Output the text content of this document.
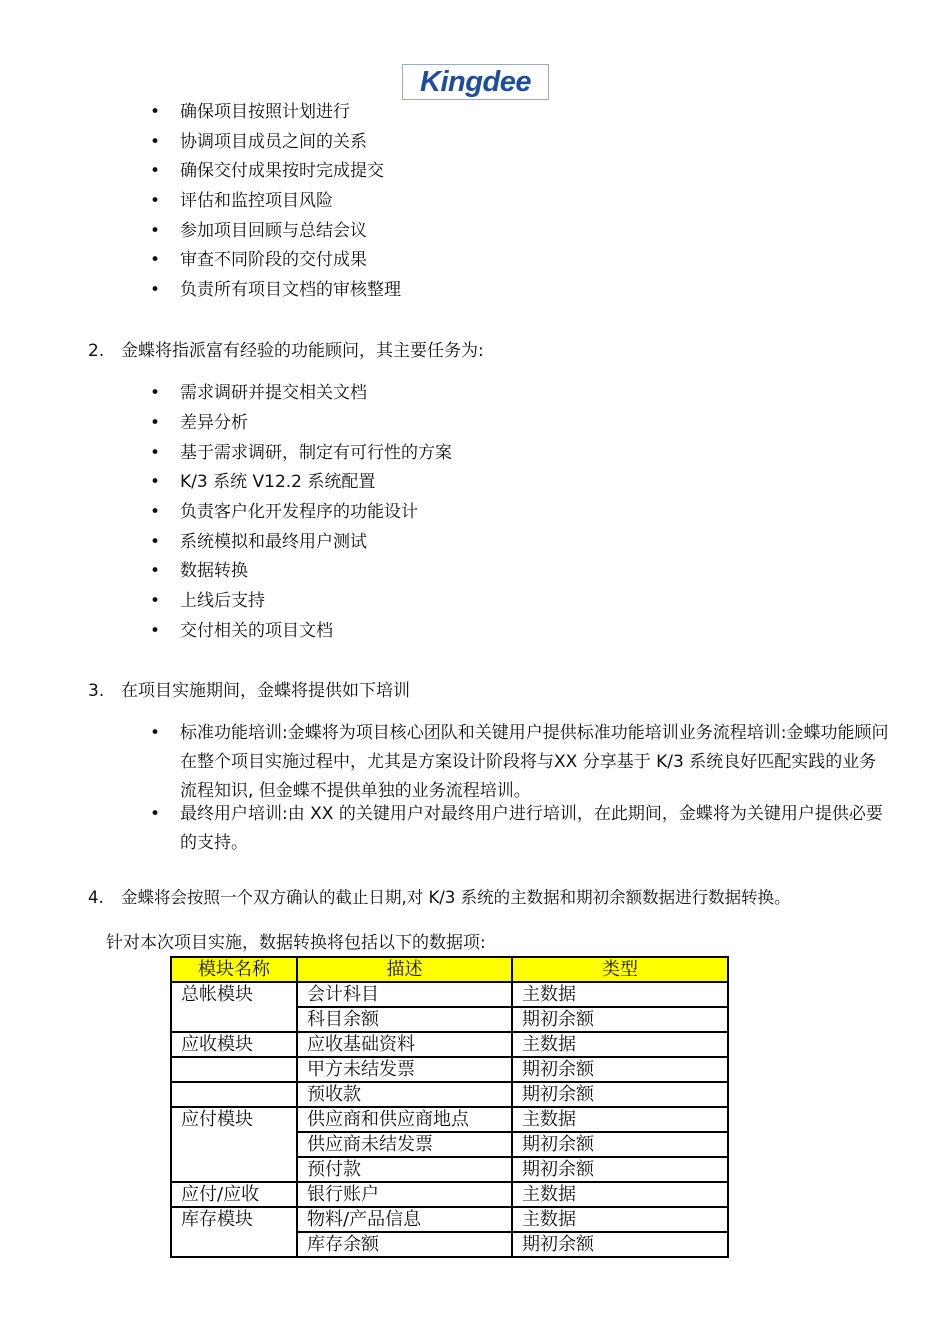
Kingdee
• 确保项目按照计划进行
• 协调项目成员之间的关系
• 确保交付成果按时完成提交
• 评估和监控项目风险
• 参加项目回顾与总结会议
• 审查不同阶段的交付成果
• 负责所有项目文档的审核整理
2. 金蝶将指派富有经验的功能顾问，其主要任务为:
• 需求调研并提交相关文档
• 差异分析
• 基于需求调研，制定有可行性的方案
• K/3 系统 V12.2 系统配置
• 负责客户化开发程序的功能设计
• 系统模拟和最终用户测试
• 数据转换
• 上线后支持
• 交付相关的项目文档
3. 在项目实施期间，金蝶将提供如下培训
• 标准功能培训:金蝶将为项目核心团队和关键用户提供标准功能培训业务流程培训:金蝶功能顾问在整个项目实施过程中，尤其是方案设计阶段将与XX 分享基于 K/3 系统良好匹配实践的业务流程知识, 但金蝶不提供单独的业务流程培训。
• 最终用户培训:由 XX 的关键用户对最终用户进行培训，在此期间，金蝶将为关键用户提供必要的支持。
4. 金蝶将会按照一个双方确认的截止日期,对 K/3 系统的主数据和期初余额数据进行数据转换。
针对本次项目实施，数据转换将包括以下的数据项:
模块名称	描述	类型
总帐模块	会计科目	主数据
	科目余额	期初余额
应收模块	应收基础资料	主数据
	甲方未结发票	期初余额
	预收款	期初余额
应付模块	供应商和供应商地点	主数据
	供应商未结发票	期初余额
	预付款	期初余额
应付/应收	银行账户	主数据
库存模块	物料/产品信息	主数据
	库存余额	期初余额
